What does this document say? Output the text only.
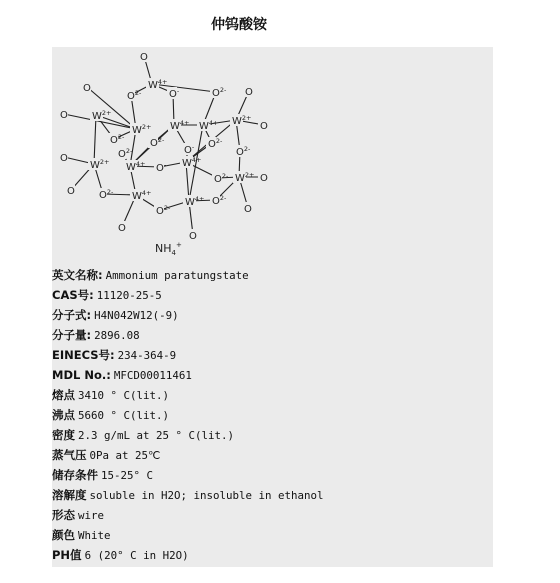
仲钨酸铵
$W^{4+}$
$W^{2+}$
$W^{2+}$ $W^{4+}$ $W^{4+}$ $W^{2+}$
$W^{2+}$ $W^{4+}$	$W^{4+}$
$W^{2+}$
$W^{4+}$
$W^{4+}$
O
O
O
O
O
O
O
O
O
O
O
$O^{2-}$	O-	$O^{2-}$
$O^{2-}$
$O^{2-}$	$O^{2-}$
$O^{2-}$
$O^{2-}$
O-
$O^{2-}$
$O^{2-}$
$O^{2-}$
O-
$O^{2-}$
$NH_4^+$
英文名称: Ammonium paratungstate
CAS号: 11120-25-5
分子式: H4N042W12(-9)
分子量: 2896.08
EINECS号: 234-364-9
MDL No.: MFCD00011461
熔点 3410 ° C(lit.)
沸点 5660 ° C(lit.)
密度 2.3 g/mL at 25 ° C(lit.)
蒸气压 0Pa at 25℃
储存条件 15-25° C
溶解度 soluble in H2O; insoluble in ethanol
形态 wire
颜色 White
PH值 6 (20° C in H2O)
